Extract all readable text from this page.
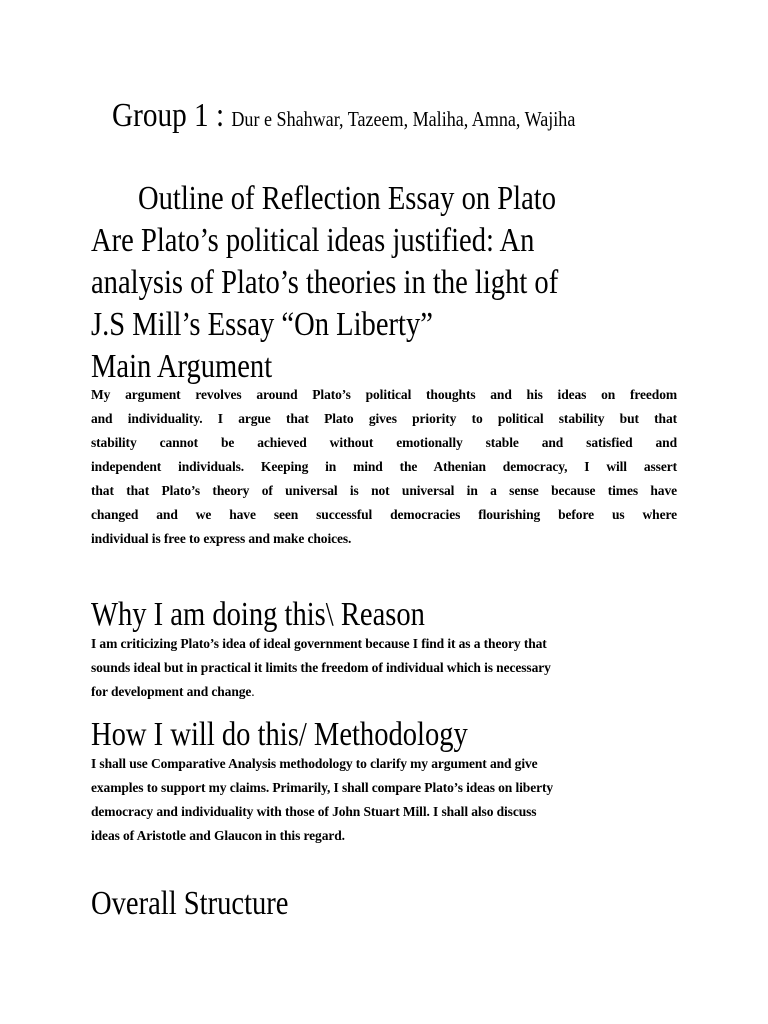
Group 1 : Dur e Shahwar, Tazeem, Maliha, Amna, Wajiha
Outline of Reflection Essay on Plato
Are Plato’s political ideas justified: An
analysis of Plato’s theories in the light of
J.S Mill’s Essay “On Liberty”
Main Argument
My argument revolves around Plato’s political thoughts and his ideas on freedom
and individuality. I argue that Plato gives priority to political stability but that
stability cannot be achieved without emotionally stable and satisfied and
independent individuals. Keeping in mind the Athenian democracy, I will assert
that that Plato’s theory of universal is not universal in a sense because times have
changed and we have seen successful democracies flourishing before us where
individual is free to express and make choices.
Why I am doing this\ Reason
I am criticizing Plato’s idea of ideal government because I find it as a theory that
sounds ideal but in practical it limits the freedom of individual which is necessary
for development and change.
How I will do this/ Methodology
I shall use Comparative Analysis methodology to clarify my argument and give
examples to support my claims. Primarily, I shall compare Plato’s ideas on liberty
democracy and individuality with those of John Stuart Mill. I shall also discuss
ideas of Aristotle and Glaucon in this regard.
Overall Structure
